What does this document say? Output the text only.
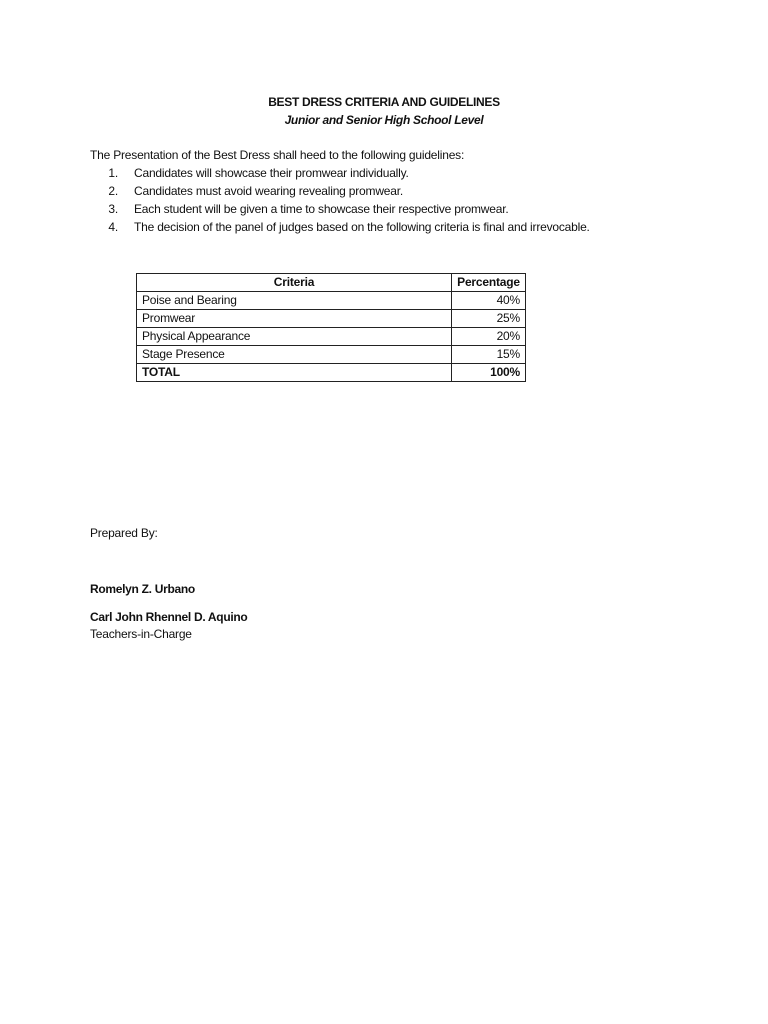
BEST DRESS CRITERIA AND GUIDELINES
Junior and Senior High School Level
The Presentation of the Best Dress shall heed to the following guidelines:
1. Candidates will showcase their promwear individually.
2. Candidates must avoid wearing revealing promwear.
3. Each student will be given a time to showcase their respective promwear.
4. The decision of the panel of judges based on the following criteria is final and irrevocable.
Criteria	Percentage
Poise and Bearing	40%
Promwear	25%
Physical Appearance	20%
Stage Presence	15%
TOTAL	100%
Prepared By:
Romelyn Z. Urbano
Carl John Rhennel D. Aquino
Teachers-in-Charge
